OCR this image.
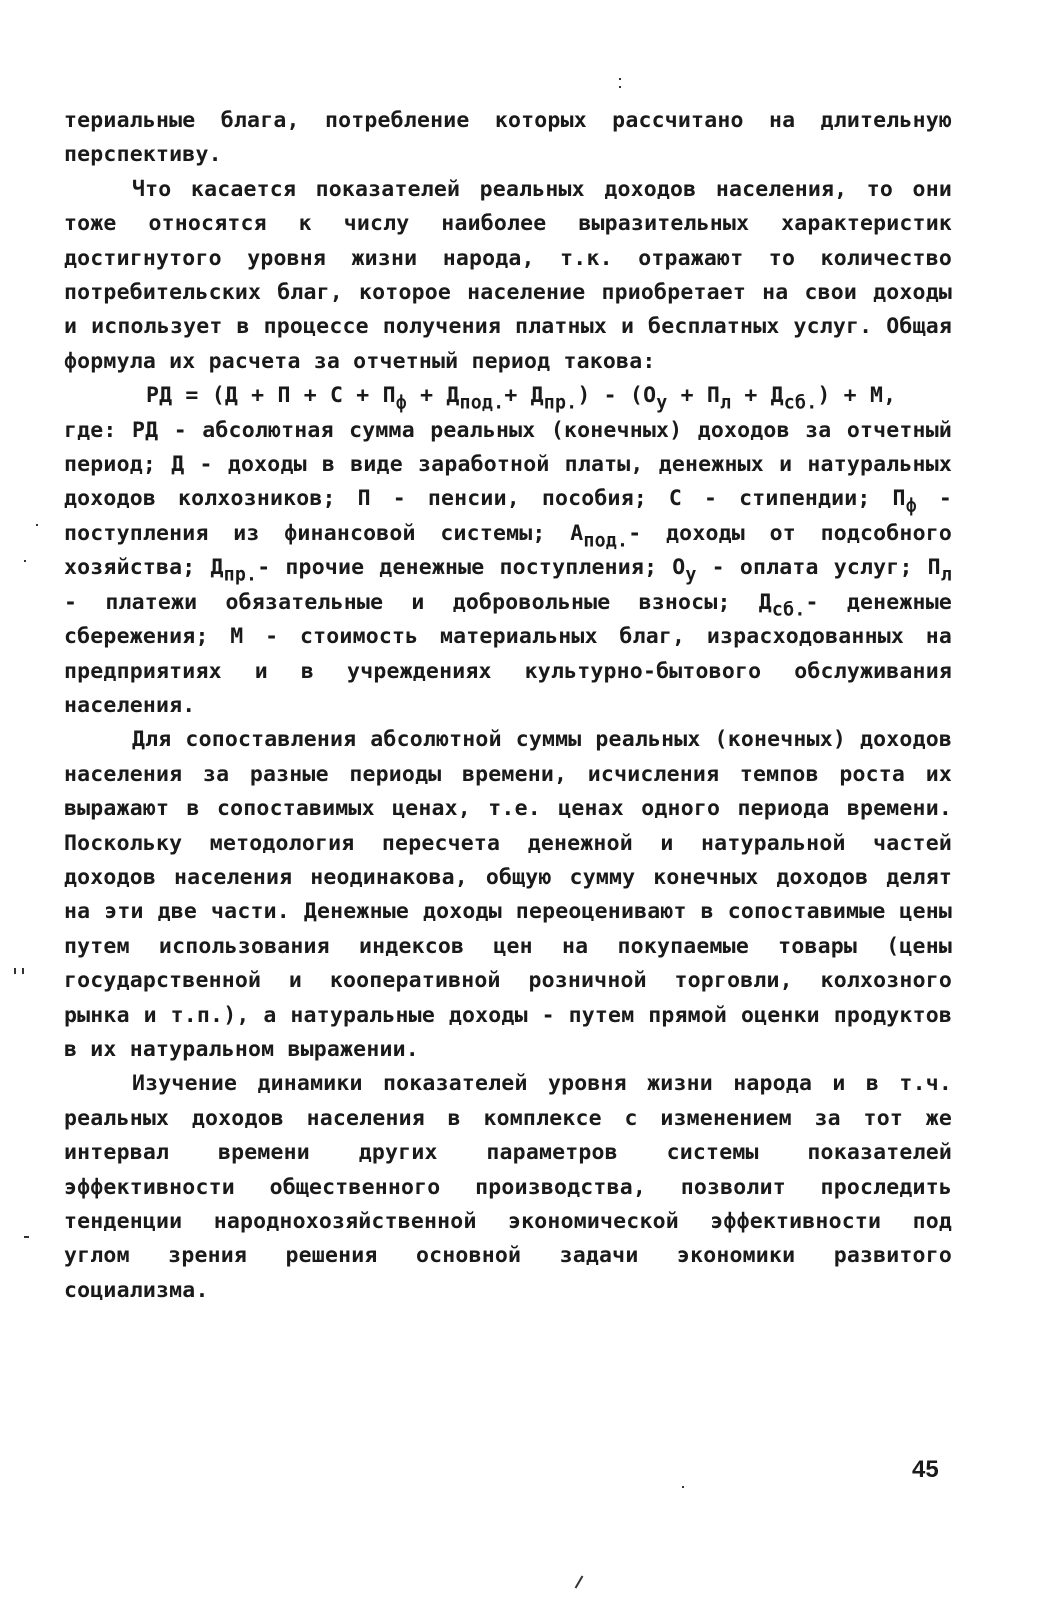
териальные блага, потребление которых рассчитано на длительную перспективу.

Что касается показателей реальных доходов населения, то они тоже относятся к числу наиболее выразительных характеристик достигнутого уровня жизни народа, т.к. отражают то количество потребительских благ, которое население приобретает на свои доходы и использует в процессе получения платных и бесплатных услуг. Общая формула их расчета за отчетный период такова:

РД = $(Д + П + С + П_ф + Д_{под.}+ Д_{пр.}) - (О_у + П_л + Д_{сб.}) + М$,

где: РД - абсолютная сумма реальных (конечных) доходов за отчетный период; Д - доходы в виде заработной платы, денежных и натуральных доходов колхозников; П - пенсии, пособия; С - стипендии; $П_ф$ - поступления из финансовой системы; $А_{под.}-$ доходы от подсобного хозяйства; $Д_{пр.}-$ прочие денежные поступления; $О_у$ - оплата услуг; $П_л$ - платежи обязательные и добровольные взносы; $Д_{сб.}-$ денежные сбережения; М - стоимость материальных благ, израсходованных на предприятиях и в учреждениях культурно-бытового обслуживания населения.

Для сопоставления абсолютной суммы реальных (конечных) доходов населения за разные периоды времени, исчисления темпов роста их выражают в сопоставимых ценах, т.е. ценах одного периода времени. Поскольку методология пересчета денежной и натуральной частей доходов населения неодинакова, общую сумму конечных доходов делят на эти две части. Денежные доходы переоценивают в сопоставимые цены путем использования индексов цен на покупаемые товары (цены государственной и кооперативной розничной торговли, колхозного рынка и т.п.), а натуральные доходы - путем прямой оценки продуктов в их натуральном выражении.

Изучение динамики показателей уровня жизни народа и в т.ч. реальных доходов населения в комплексе с изменением за тот же интервал времени других параметров системы показателей эффективности общественного производства, позволит проследить тенденции народнохозяйственной экономической эффективности под углом зрения решения основной задачи экономики развитого социализма.

45
